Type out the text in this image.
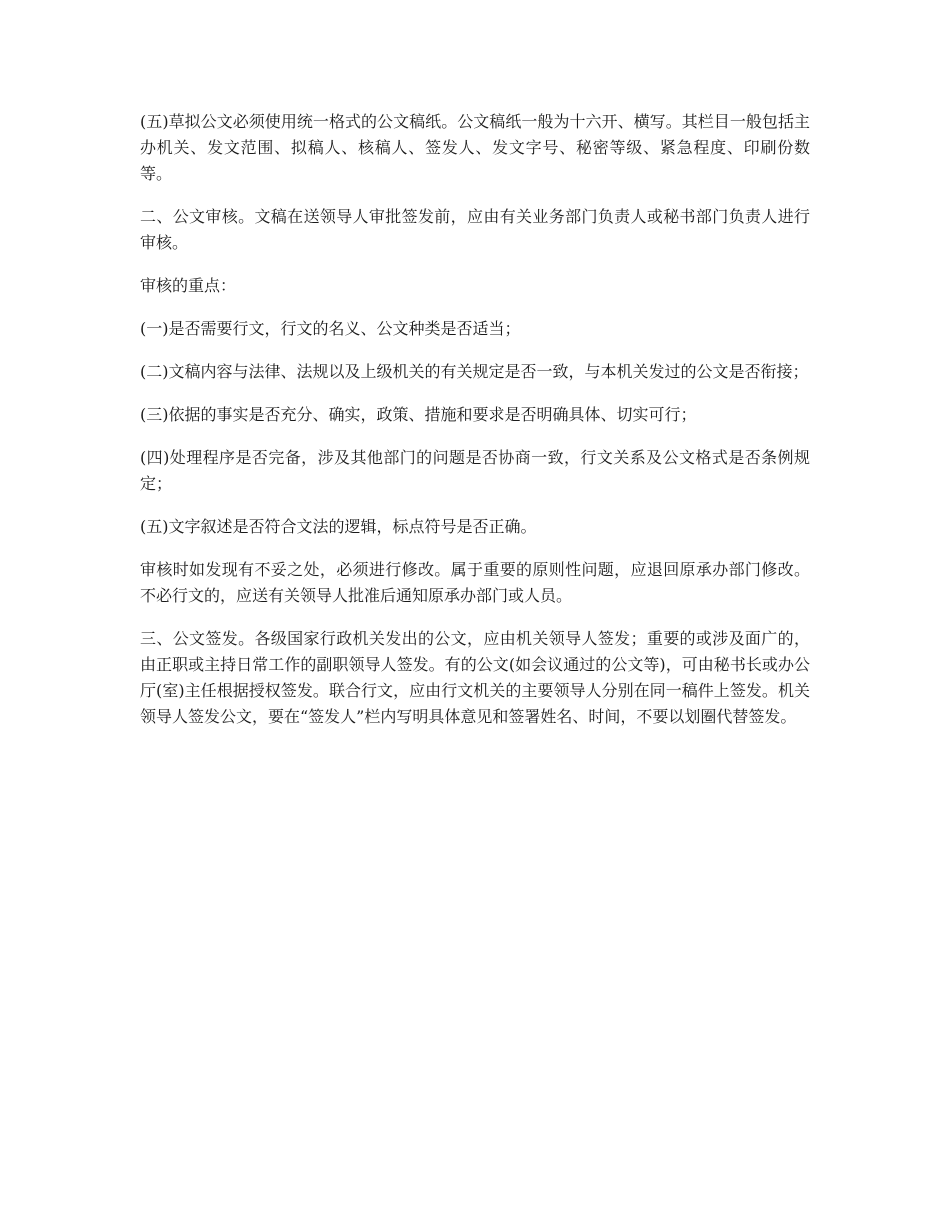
(五)草拟公文必须使用统一格式的公文稿纸。公文稿纸一般为十六开、横写。其栏目一般包括主办机关、发文范围、拟稿人、核稿人、签发人、发文字号、秘密等级、紧急程度、印刷份数等。

二、公文审核。文稿在送领导人审批签发前，应由有关业务部门负责人或秘书部门负责人进行审核。

审核的重点：

(一)是否需要行文，行文的名义、公文种类是否适当；

(二)文稿内容与法律、法规以及上级机关的有关规定是否一致，与本机关发过的公文是否衔接；

(三)依据的事实是否充分、确实，政策、措施和要求是否明确具体、切实可行；

(四)处理程序是否完备，涉及其他部门的问题是否协商一致，行文关系及公文格式是否条例规定；

(五)文字叙述是否符合文法的逻辑，标点符号是否正确。

审核时如发现有不妥之处，必须进行修改。属于重要的原则性问题，应退回原承办部门修改。不必行文的，应送有关领导人批准后通知原承办部门或人员。

三、公文签发。各级国家行政机关发出的公文，应由机关领导人签发；重要的或涉及面广的，由正职或主持日常工作的副职领导人签发。有的公文(如会议通过的公文等)，可由秘书长或办公厅(室)主任根据授权签发。联合行文，应由行文机关的主要领导人分别在同一稿件上签发。机关领导人签发公文，要在“签发人”栏内写明具体意见和签署姓名、时间，不要以划圈代替签发。
